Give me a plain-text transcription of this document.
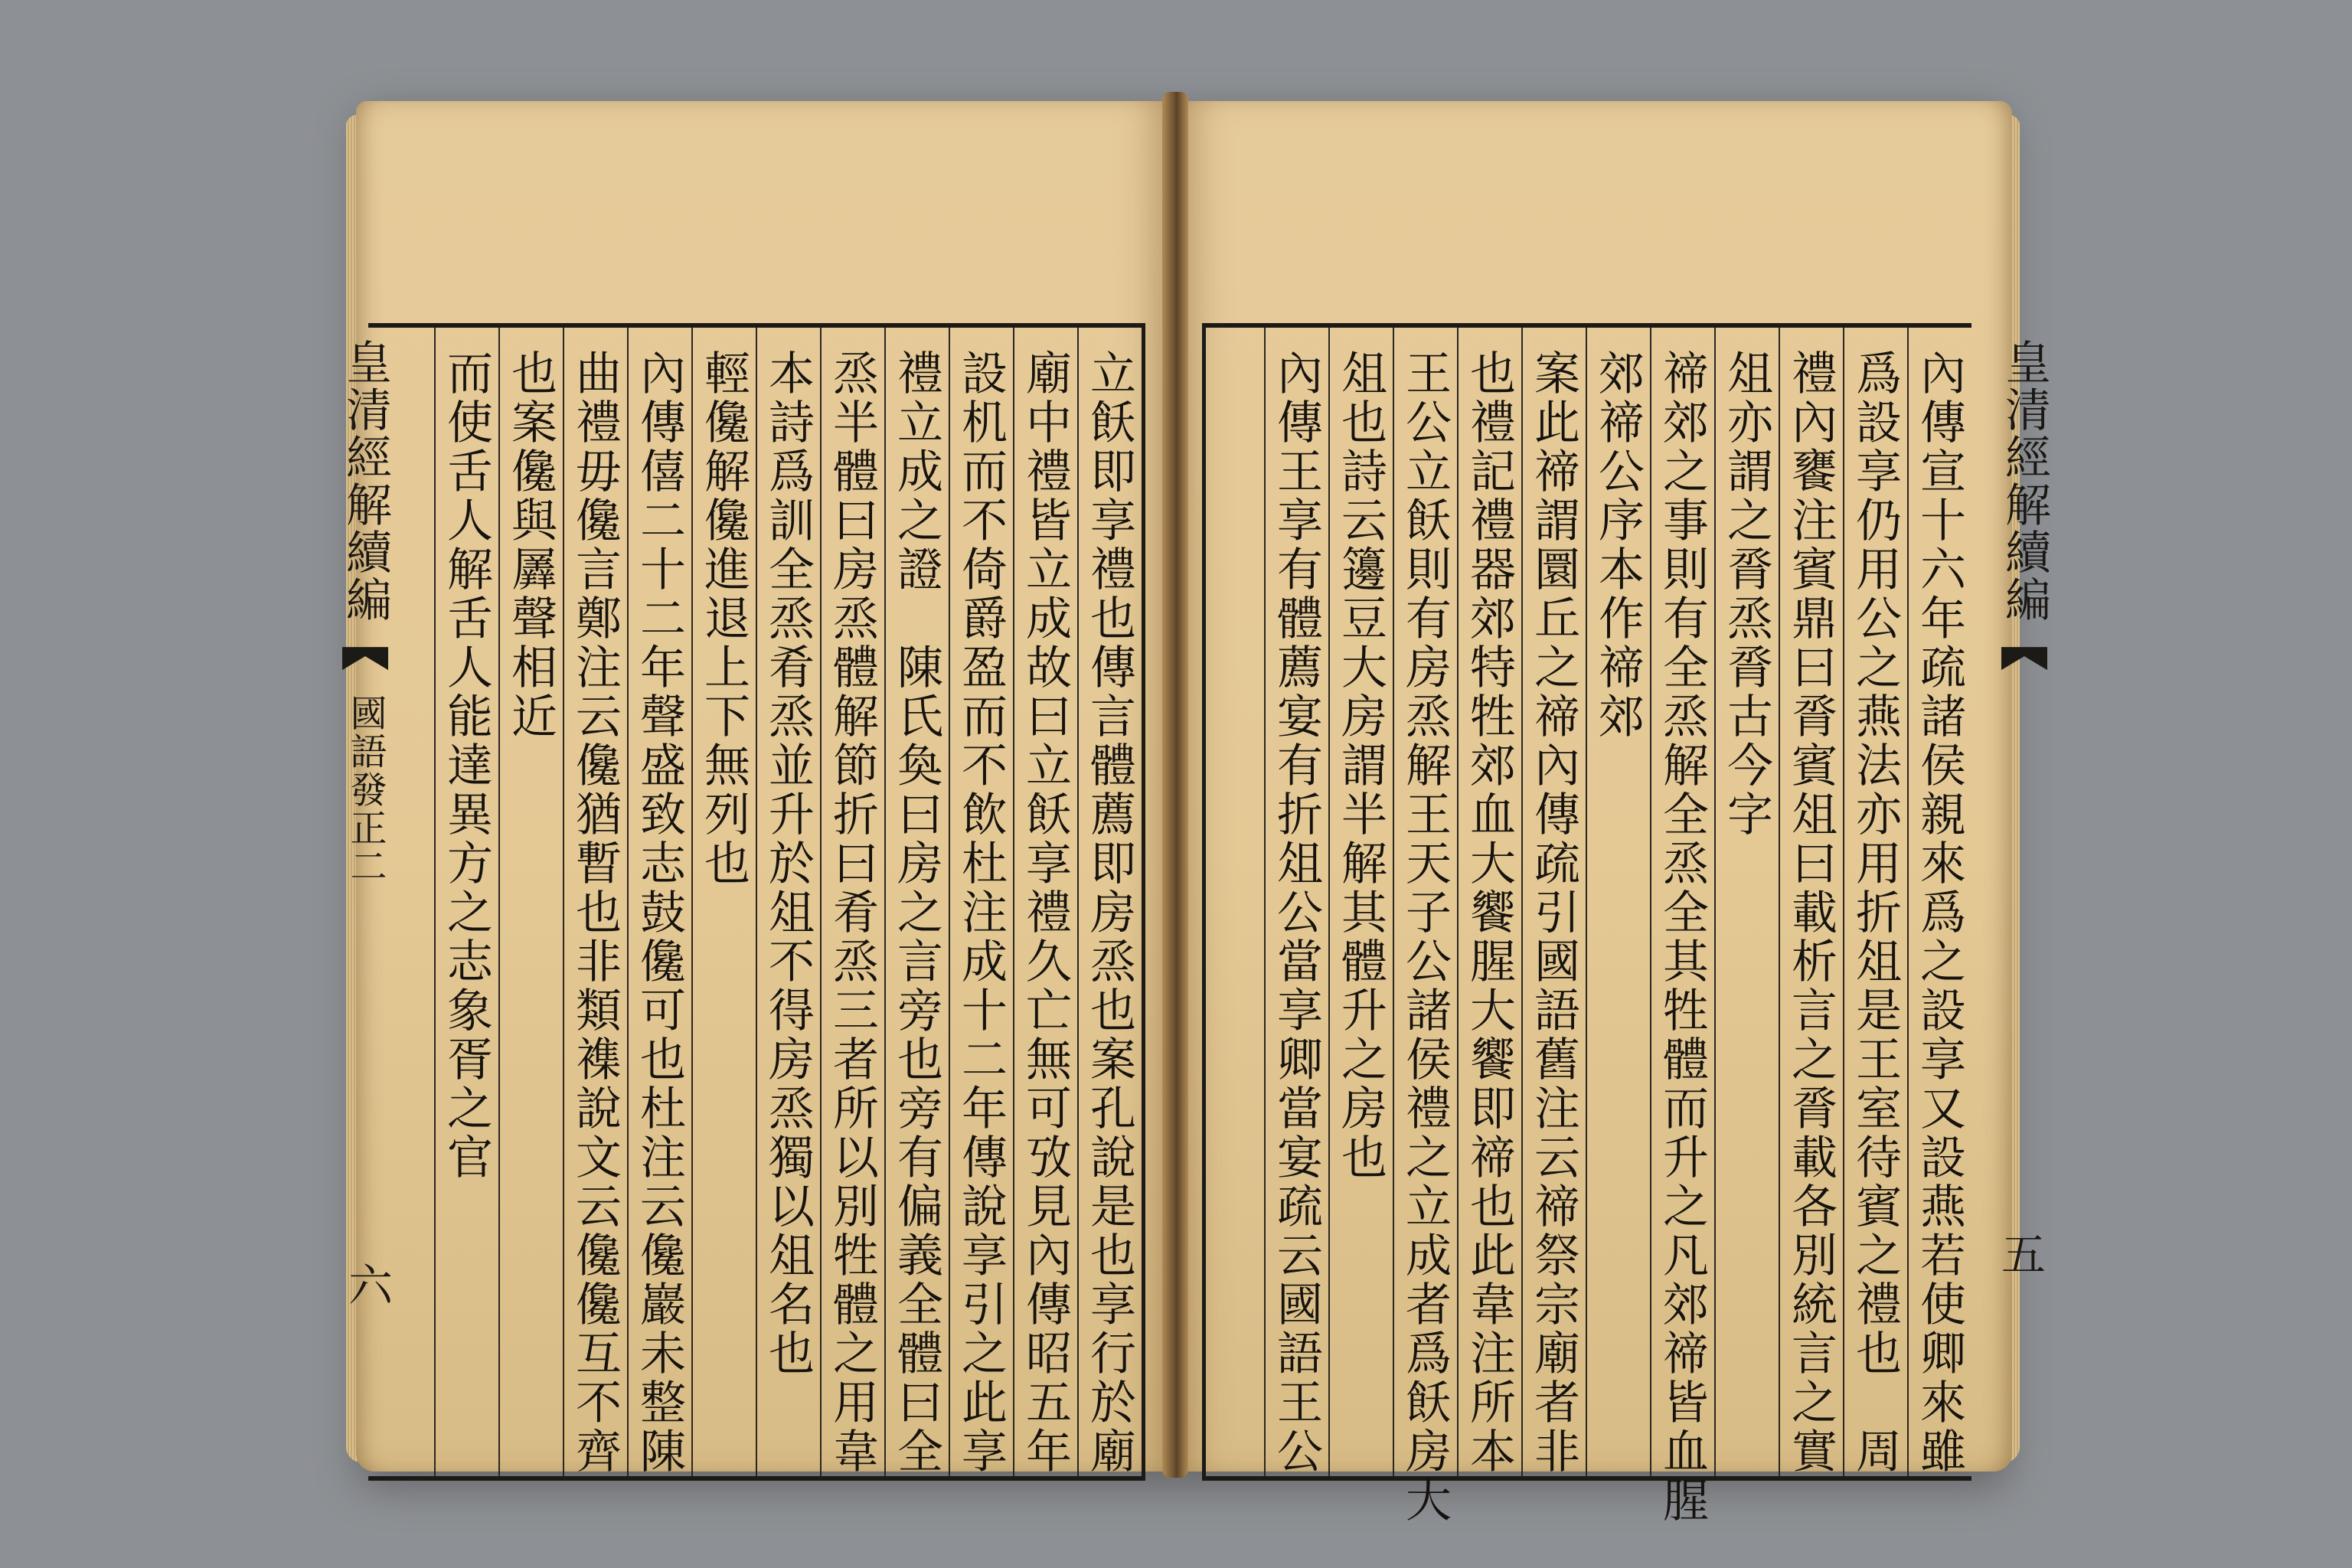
立飫即享禮也傳言體薦即房烝也案孔說是也享行於廟
廟中禮皆立成故曰立飫享禮久亡無可攷見內傳昭五年
設机而不倚爵盈而不飲杜注成十二年傳說享引之此享
禮立成之證　陳氏奐曰房之言旁也旁有偏義全體曰全
烝半體曰房烝體解節折曰肴烝三者所以別牲體之用韋
本詩爲訓全烝肴烝並升於俎不得房烝獨以俎名也
輕儳解儳進退上下無列也
內傳僖二十二年聲盛致志鼓儳可也杜注云儳巖未整陳
曲禮毋儳言鄭注云儳猶暫也非類襍說文云儳儳互不齊
也案儳與羼聲相近
而使舌人解舌人能達異方之志象胥之官
皇清經解續編  國語發正二
六	內傳宣十六年疏諸侯親來爲之設享又設燕若使卿來雖
爲設享仍用公之燕法亦用折俎是王室待賓之禮也　周
禮內饔注賓鼎曰脀賓俎曰載析言之脀載各別統言之實
俎亦謂之脀烝脀古今字
禘郊之事則有全烝解全烝全其牲體而升之凡郊禘皆血腥
郊禘公序本作禘郊
案此禘謂圜丘之禘內傳疏引國語舊注云禘祭宗廟者非
也禮記禮器郊特牲郊血大饗腥大饗即禘也此韋注所本
王公立飫則有房烝解王天子公諸侯禮之立成者爲飫房大
俎也詩云籩豆大房謂半解其體升之房也
內傳王享有體薦宴有折俎公當享卿當宴疏云國語王公	皇清經解續編
五
